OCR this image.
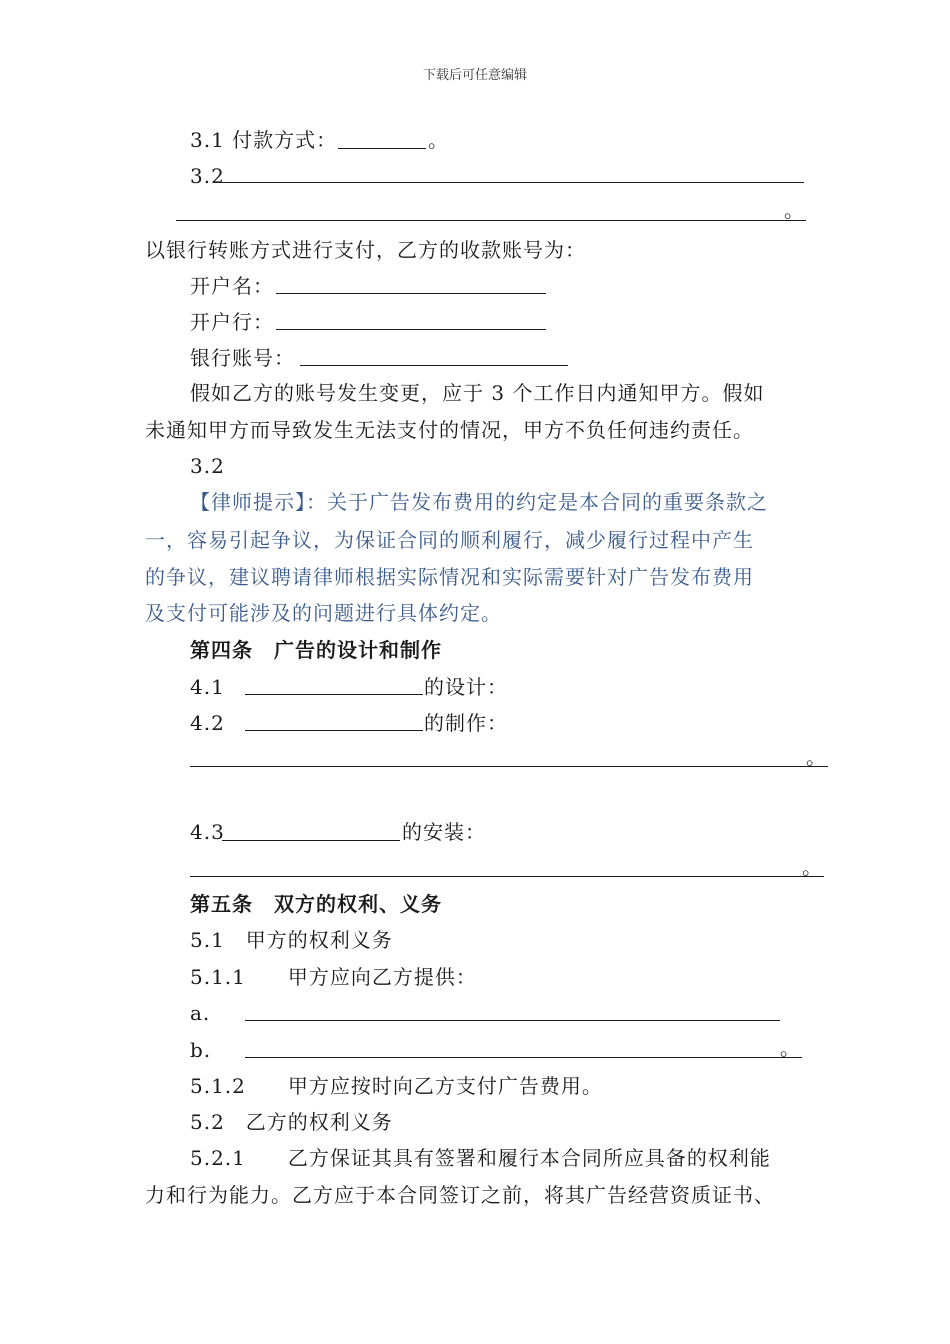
下载后可任意编辑
3.1 付款方式：	。
3.2
。
以银行转账方式进行支付，乙方的收款账号为：
开户名：
开户行：
银行账号：
假如乙方的账号发生变更，应于 3 个工作日内通知甲方。假如
未通知甲方而导致发生无法支付的情况，甲方不负任何违约责任。
3.2
【律师提示】：关于广告发布费用的约定是本合同的重要条款之
一，容易引起争议，为保证合同的顺利履行，减少履行过程中产生
的争议，建议聘请律师根据实际情况和实际需要针对广告发布费用
及支付可能涉及的问题进行具体约定。
第四条　广告的设计和制作
4.1	的设计：
4.2	的制作：
。
4.3	的安装：
。
第五条　双方的权利、义务
5.1　甲方的权利义务
5.1.1　　甲方应向乙方提供：
a.
b.	。
5.1.2　　甲方应按时向乙方支付广告费用。
5.2　乙方的权利义务
5.2.1　　乙方保证其具有签署和履行本合同所应具备的权利能
力和行为能力。乙方应于本合同签订之前，将其广告经营资质证书、
